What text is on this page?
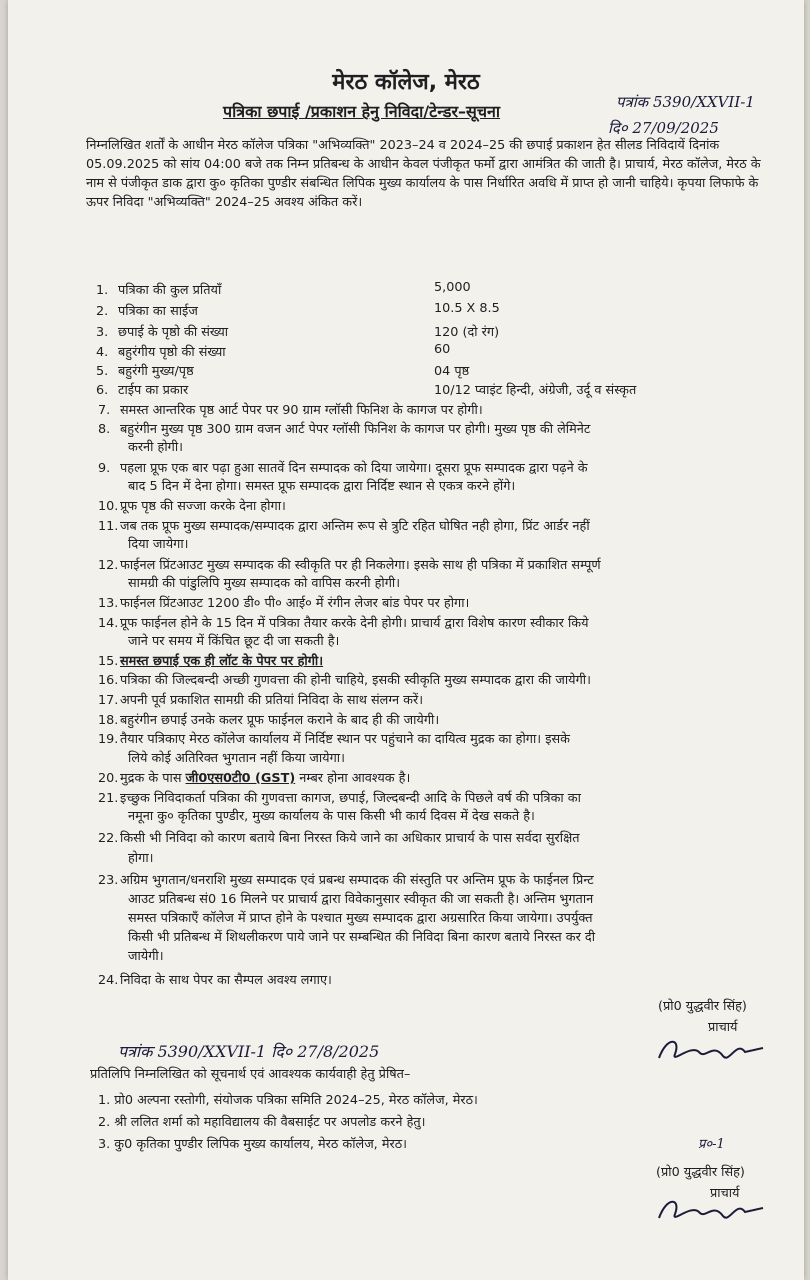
मेरठ कॉलेज, मेरठ
पत्रिका छपाई /प्रकाशन हेनु निविदा/टेन्डर–सूचना	पत्रांक 5390/XXVII-1
दि० 27/09/2025
निम्नलिखित शर्तों के आधीन मेरठ कॉलेज पत्रिका "अभिव्यक्ति" 2023–24 व 2024–25 की छपाई प्रकाशन हेत सीलड निविदायें दिनांक 05.09.2025 को सांय 04:00 बजे तक निम्न प्रतिबन्ध के आधीन केवल पंजीकृत फर्मो द्वारा आमंत्रित की जाती है। प्राचार्य, मेरठ कॉलेज, मेरठ के नाम से पंजीकृत डाक द्वारा कु० कृतिका पुण्डीर संबन्धित लिपिक मुख्य कार्यालय के पास निर्धारित अवधि में प्राप्त हो जानी चाहिये। कृपया लिफाफे के ऊपर निविदा "अभिव्यक्ति" 2024–25 अवश्य अंकित करें।
1. पत्रिका की कुल प्रतियाँ	5,000
2. पत्रिका का साईज	10.5 X 8.5
3. छपाई के पृष्ठो की संख्या	120 (दो रंग)
4. बहुरंगीय पृष्ठो की संख्या	60
5. बहुरंगी मुख्य/पृष्ठ	04 पृष्ठ
6. टाईप का प्रकार	10/12 प्वाइंट हिन्दी, अंग्रेजी, उर्दू व संस्कृत
7. समस्त आन्तरिक पृष्ठ आर्ट पेपर पर 90 ग्राम ग्लॉसी फिनिश के कागज पर होगी।
8. बहुरंगीन मुख्य पृष्ठ 300 ग्राम वजन आर्ट पेपर ग्लॉसी फिनिश के कागज पर होगी। मुख्य पृष्ठ की लेमिनेट
करनी होगी।
9. पहला प्रूफ एक बार पढ़ा हुआ सातवें दिन सम्पादक को दिया जायेगा। दूसरा प्रूफ सम्पादक द्वारा पढ़ने के
बाद 5 दिन में देना होगा। समस्त प्रूफ सम्पादक द्वारा निर्दिष्ट स्थान से एकत्र करने होंगे।
10. प्रूफ पृष्ठ की सज्जा करके देना होगा।
11. जब तक प्रूफ मुख्य सम्पादक/सम्पादक द्वारा अन्तिम रूप से त्रुटि रहित घोषित नही होगा, प्रिंट आर्डर नहीं
दिया जायेगा।
12. फाईनल प्रिंटआउट मुख्य सम्पादक की स्वीकृति पर ही निकलेगा। इसके साथ ही पत्रिका में प्रकाशित सम्पूर्ण
सामग्री की पांडुलिपि मुख्य सम्पादक को वापिस करनी होगी।
13. फाईनल प्रिंटआउट 1200 डी० पी० आई० में रंगीन लेजर बांड पेपर पर होगा।
14. प्रूफ फाईनल होने के 15 दिन में पत्रिका तैयार करके देनी होगी। प्राचार्य द्वारा विशेष कारण स्वीकार किये
जाने पर समय में किंचित छूट दी जा सकती है।
15. समस्त छपाई एक ही लॉट के पेपर पर होगी।
16. पत्रिका की जिल्दबन्दी अच्छी गुणवत्ता की होनी चाहिये, इसकी स्वीकृति मुख्य सम्पादक द्वारा की जायेगी।
17. अपनी पूर्व प्रकाशित सामग्री की प्रतियां निविदा के साथ संलग्न करें।
18. बहुरंगीन छपाई उनके कलर प्रूफ फाईनल कराने के बाद ही की जायेगी।
19. तैयार पत्रिकाए मेरठ कॉलेज कार्यालय में निर्दिष्ट स्थान पर पहुंचाने का दायित्व मुद्रक का होगा। इसके
लिये कोई अतिरिक्त भुगतान नहीं किया जायेगा।
20. मुद्रक के पास जी0एस0टी0 (GST) नम्बर होना आवश्यक है।
21. इच्छुक निविदाकर्ता पत्रिका की गुणवत्ता कागज, छपाई, जिल्दबन्दी आदि के पिछले वर्ष की पत्रिका का
नमूना कु० कृतिका पुण्डीर, मुख्य कार्यालय के पास किसी भी कार्य दिवस में देख सकते है।
22. किसी भी निविदा को कारण बताये बिना निरस्त किये जाने का अधिकार प्राचार्य के पास सर्वदा सुरक्षित
होगा।
23. अग्रिम भुगतान/धनराशि मुख्य सम्पादक एवं प्रबन्ध सम्पादक की संस्तुति पर अन्तिम प्रूफ के फाईनल प्रिन्ट
आउट प्रतिबन्ध सं0 16 मिलने पर प्राचार्य द्वारा विवेकानुसार स्वीकृत की जा सकती है। अन्तिम भुगतान
समस्त पत्रिकाएँ कॉलेज में प्राप्त होने के पश्चात मुख्य सम्पादक द्वारा अग्रसारित किया जायेगा। उपर्युक्त
किसी भी प्रतिबन्ध में शिथलीकरण पाये जाने पर सम्बन्धित की निविदा बिना कारण बताये निरस्त कर दी
जायेगी।
24. निविदा के साथ पेपर का सैम्पल अवश्य लगाए।
(प्रो0 युद्धवीर सिंह)
प्राचार्य
पत्रांक 5390/XXVII-1 दि० 27/8/2025
प्रतिलिपि निम्नलिखित को सूचनार्थ एवं आवश्यक कार्यवाही हेतु प्रेषित–
1. प्रो0 अल्पना रस्तोगी, संयोजक पत्रिका समिति 2024–25, मेरठ कॉलेज, मेरठ।
2. श्री ललित शर्मा को महाविद्यालय की वैबसाईट पर अपलोड करने हेतु।
3. कु0 कृतिका पुण्डीर लिपिक मुख्य कार्यालय, मेरठ कॉलेज, मेरठ।	प्र०-1
(प्रो0 युद्धवीर सिंह)
प्राचार्य
